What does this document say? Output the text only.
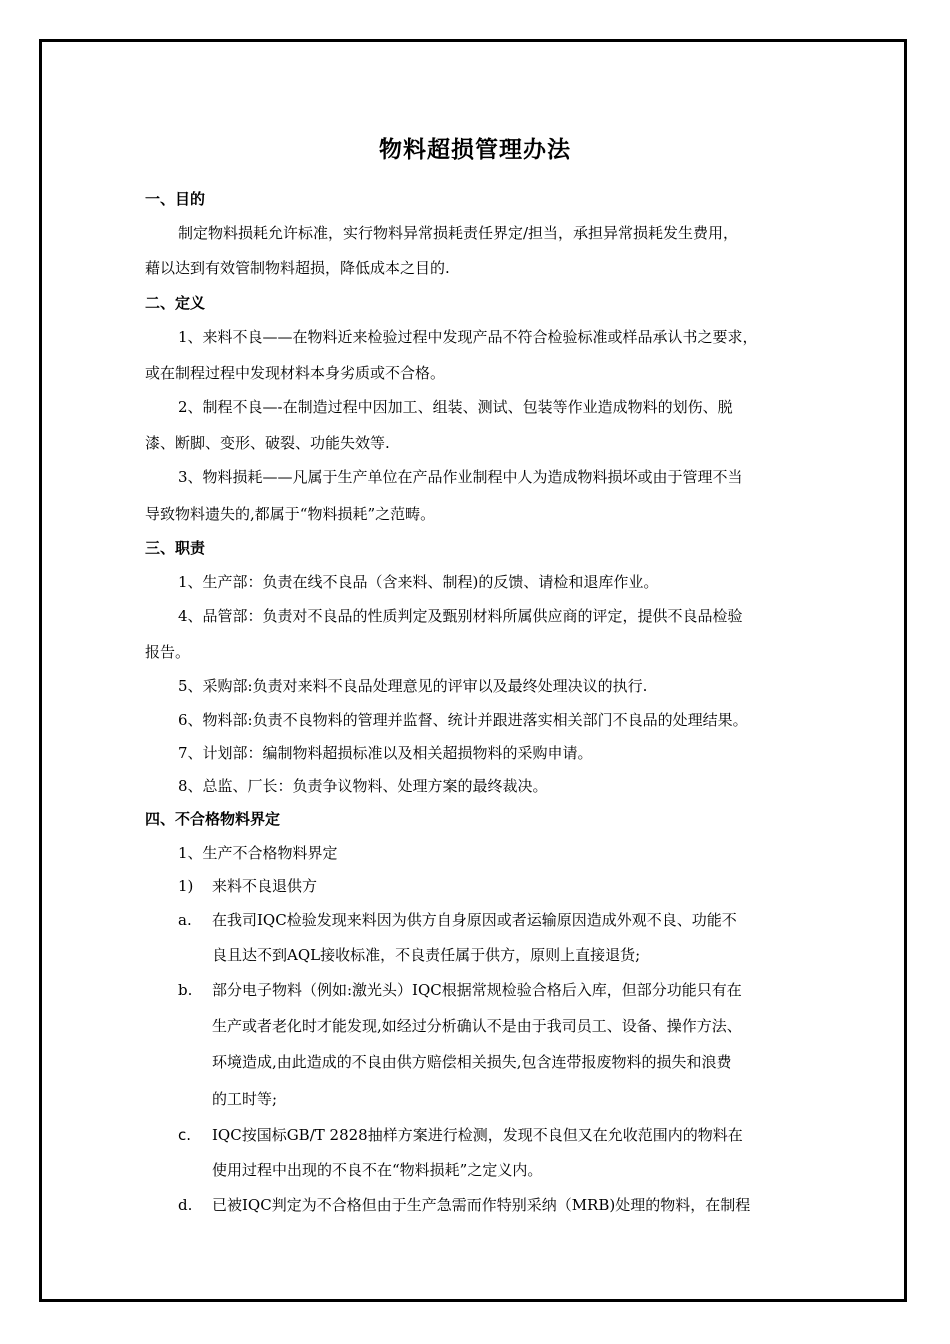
物料超损管理办法
一、目的
制定物料损耗允许标准，实行物料异常损耗责任界定/担当，承担异常损耗发生费用，
藉以达到有效管制物料超损，降低成本之目的.
二、定义
1、来料不良——在物料近来检验过程中发现产品不符合检验标准或样品承认书之要求，
或在制程过程中发现材料本身劣质或不合格。
2、制程不良—-在制造过程中因加工、组装、测试、包装等作业造成物料的划伤、脱
漆、断脚、变形、破裂、功能失效等.
3、物料损耗——凡属于生产单位在产品作业制程中人为造成物料损坏或由于管理不当
导致物料遗失的,都属于“物料损耗”之范畴。
三、职责
1、生产部：负责在线不良品（含来料、制程)的反馈、请检和退库作业。
4、品管部：负责对不良品的性质判定及甄别材料所属供应商的评定，提供不良品检验
报告。
5、采购部:负责对来料不良品处理意见的评审以及最终处理决议的执行.
6、物料部:负责不良物料的管理并监督、统计并跟进落实相关部门不良品的处理结果。
7、计划部：编制物料超损标准以及相关超损物料的采购申请。
8、总监、厂长：负责争议物料、处理方案的最终裁决。
四、不合格物料界定
1、生产不合格物料界定
1) 来料不良退供方
a. 在我司IQC检验发现来料因为供方自身原因或者运输原因造成外观不良、功能不
良且达不到AQL接收标准，不良责任属于供方，原则上直接退货;
b. 部分电子物料（例如:激光头）IQC根据常规检验合格后入库，但部分功能只有在
生产或者老化时才能发现,如经过分析确认不是由于我司员工、设备、操作方法、
环境造成,由此造成的不良由供方赔偿相关损失,包含连带报废物料的损失和浪费
的工时等;
c. IQC按国标GB/T 2828抽样方案进行检测，发现不良但又在允收范围内的物料在
使用过程中出现的不良不在“物料损耗”之定义内。
d. 已被IQC判定为不合格但由于生产急需而作特别采纳（MRB)处理的物料，在制程
